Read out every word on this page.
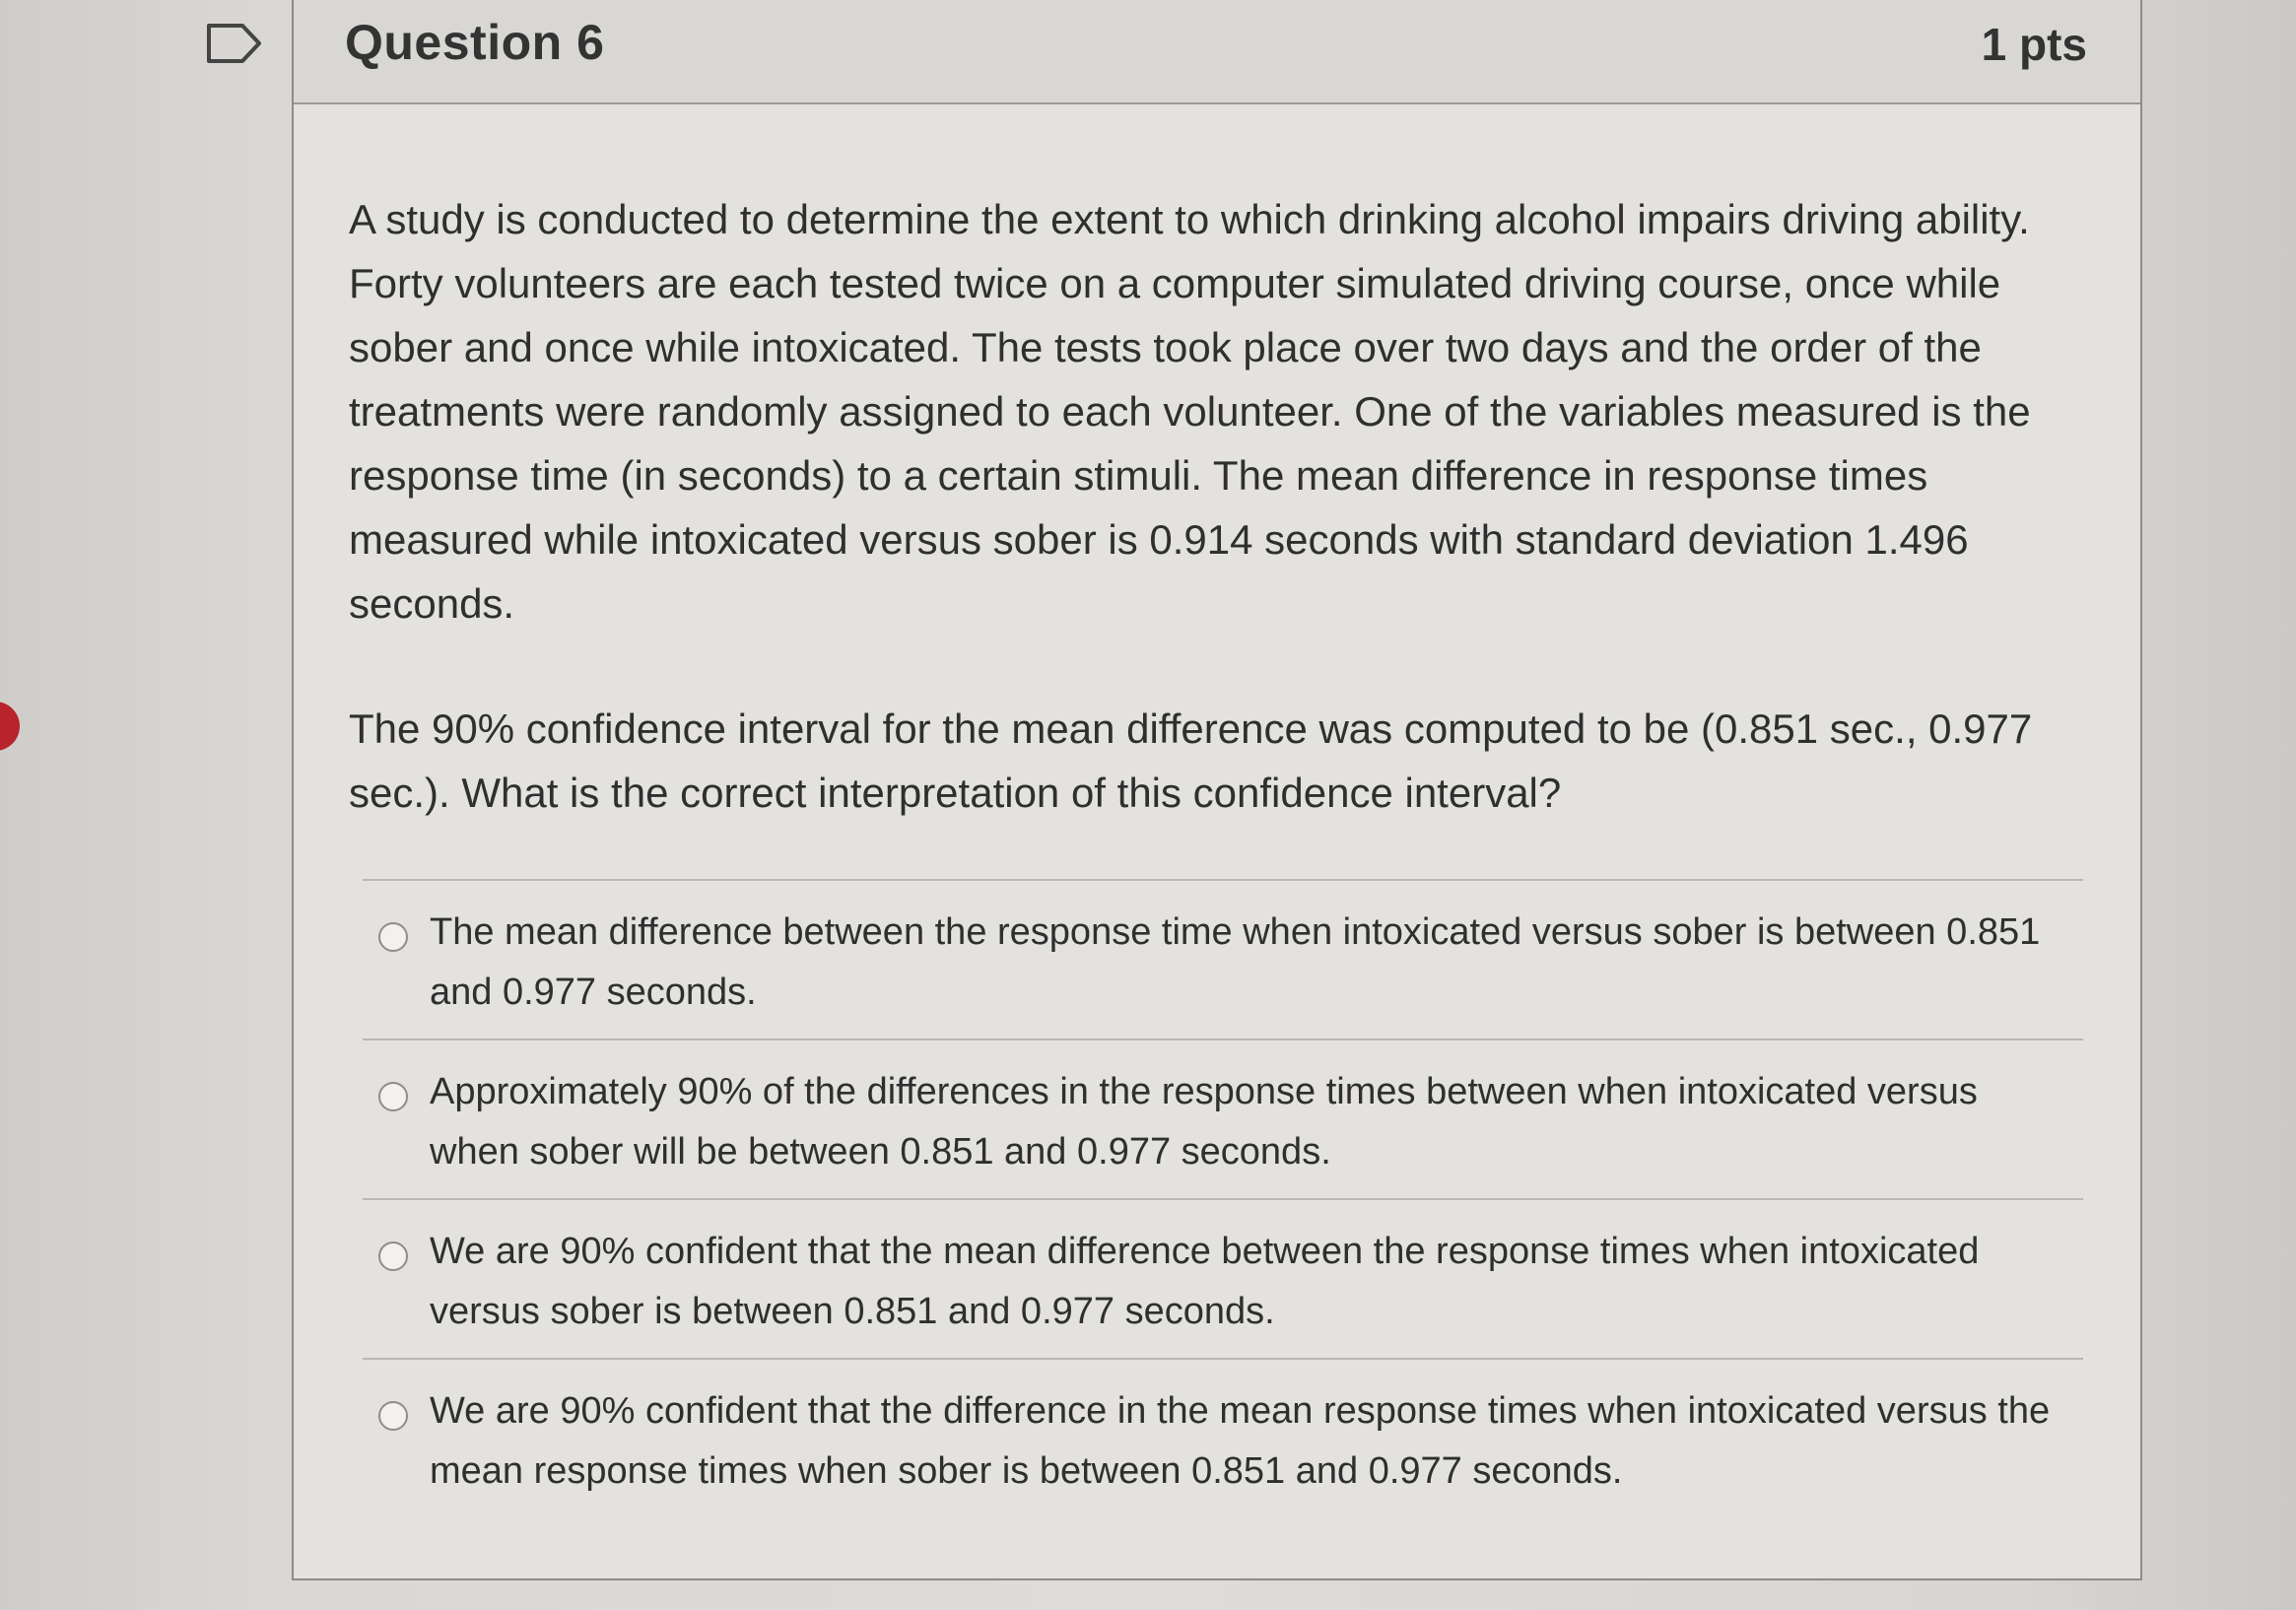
Question 6	1 pts

A study is conducted to determine the extent to which drinking alcohol impairs driving ability. Forty volunteers are each tested twice on a computer simulated driving course, once while sober and once while intoxicated. The tests took place over two days and the order of the treatments were randomly assigned to each volunteer. One of the variables measured is the response time (in seconds) to a certain stimuli. The mean difference in response times measured while intoxicated versus sober is 0.914 seconds with standard deviation 1.496 seconds.

The 90% confidence interval for the mean difference was computed to be (0.851 sec., 0.977 sec.). What is the correct interpretation of this confidence interval?

The mean difference between the response time when intoxicated versus sober is between 0.851 and 0.977 seconds.
Approximately 90% of the differences in the response times between when intoxicated versus when sober will be between 0.851 and 0.977 seconds.
We are 90% confident that the mean difference between the response times when intoxicated versus sober is between 0.851 and 0.977 seconds.
We are 90% confident that the difference in the mean response times when intoxicated versus the mean response times when sober is between 0.851 and 0.977 seconds.
